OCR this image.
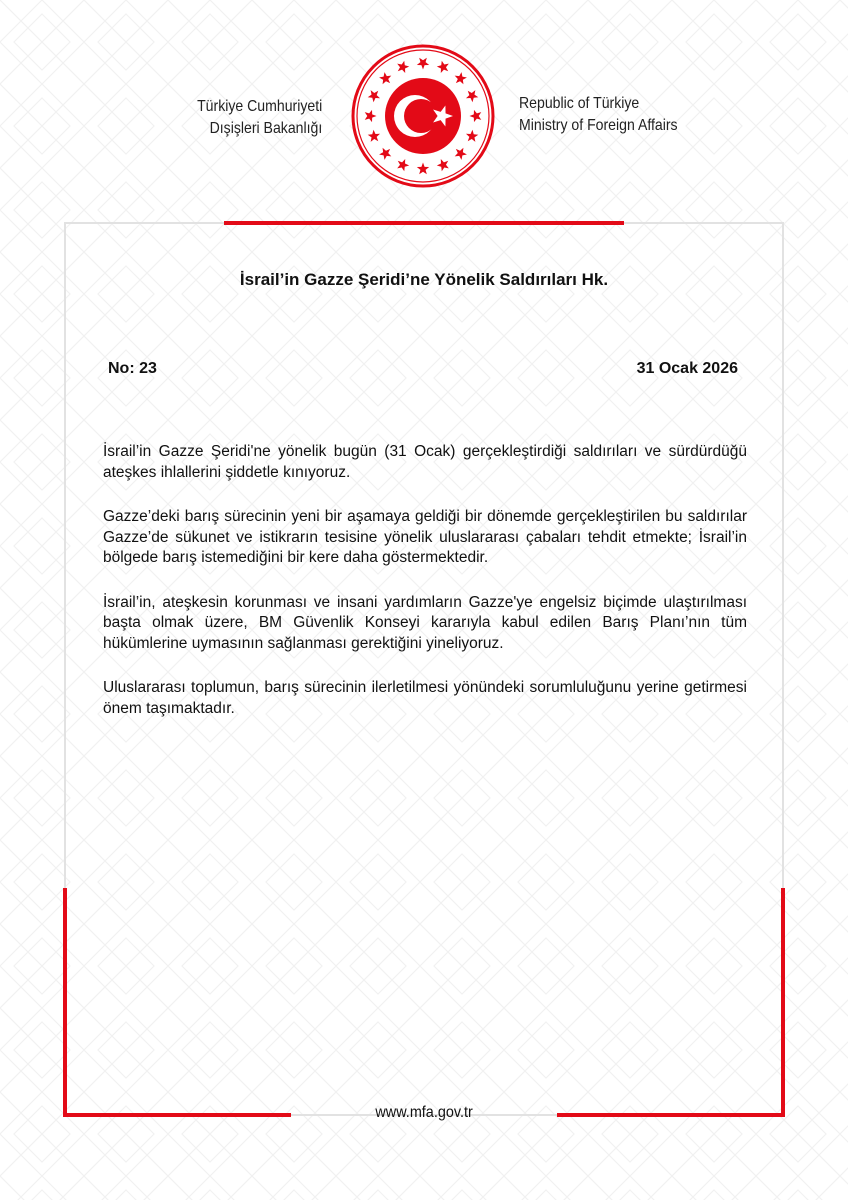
Türkiye Cumhuriyeti
Dışişleri Bakanlığı
Republic of Türkiye
Ministry of Foreign Affairs
İsrail’in Gazze Şeridi’ne Yönelik Saldırıları Hk.
No: 23	31 Ocak 2026

İsrail’in Gazze Şeridi'ne yönelik bugün (31 Ocak) gerçekleştirdiği saldırıları ve sürdürdüğü ateşkes ihlallerini şiddetle kınıyoruz.

Gazze’deki barış sürecinin yeni bir aşamaya geldiği bir dönemde gerçekleştirilen bu saldırılar Gazze’de sükunet ve istikrarın tesisine yönelik uluslararası çabaları tehdit etmekte; İsrail’in bölgede barış istemediğini bir kere daha göstermektedir.

İsrail’in, ateşkesin korunması ve insani yardımların Gazze'ye engelsiz biçimde ulaştırılması başta olmak üzere, BM Güvenlik Konseyi kararıyla kabul edilen Barış Planı’nın tüm hükümlerine uymasının sağlanması gerektiğini yineliyoruz.

Uluslararası toplumun, barış sürecinin ilerletilmesi yönündeki sorumluluğunu yerine getirmesi önem taşımaktadır.

www.mfa.gov.tr
